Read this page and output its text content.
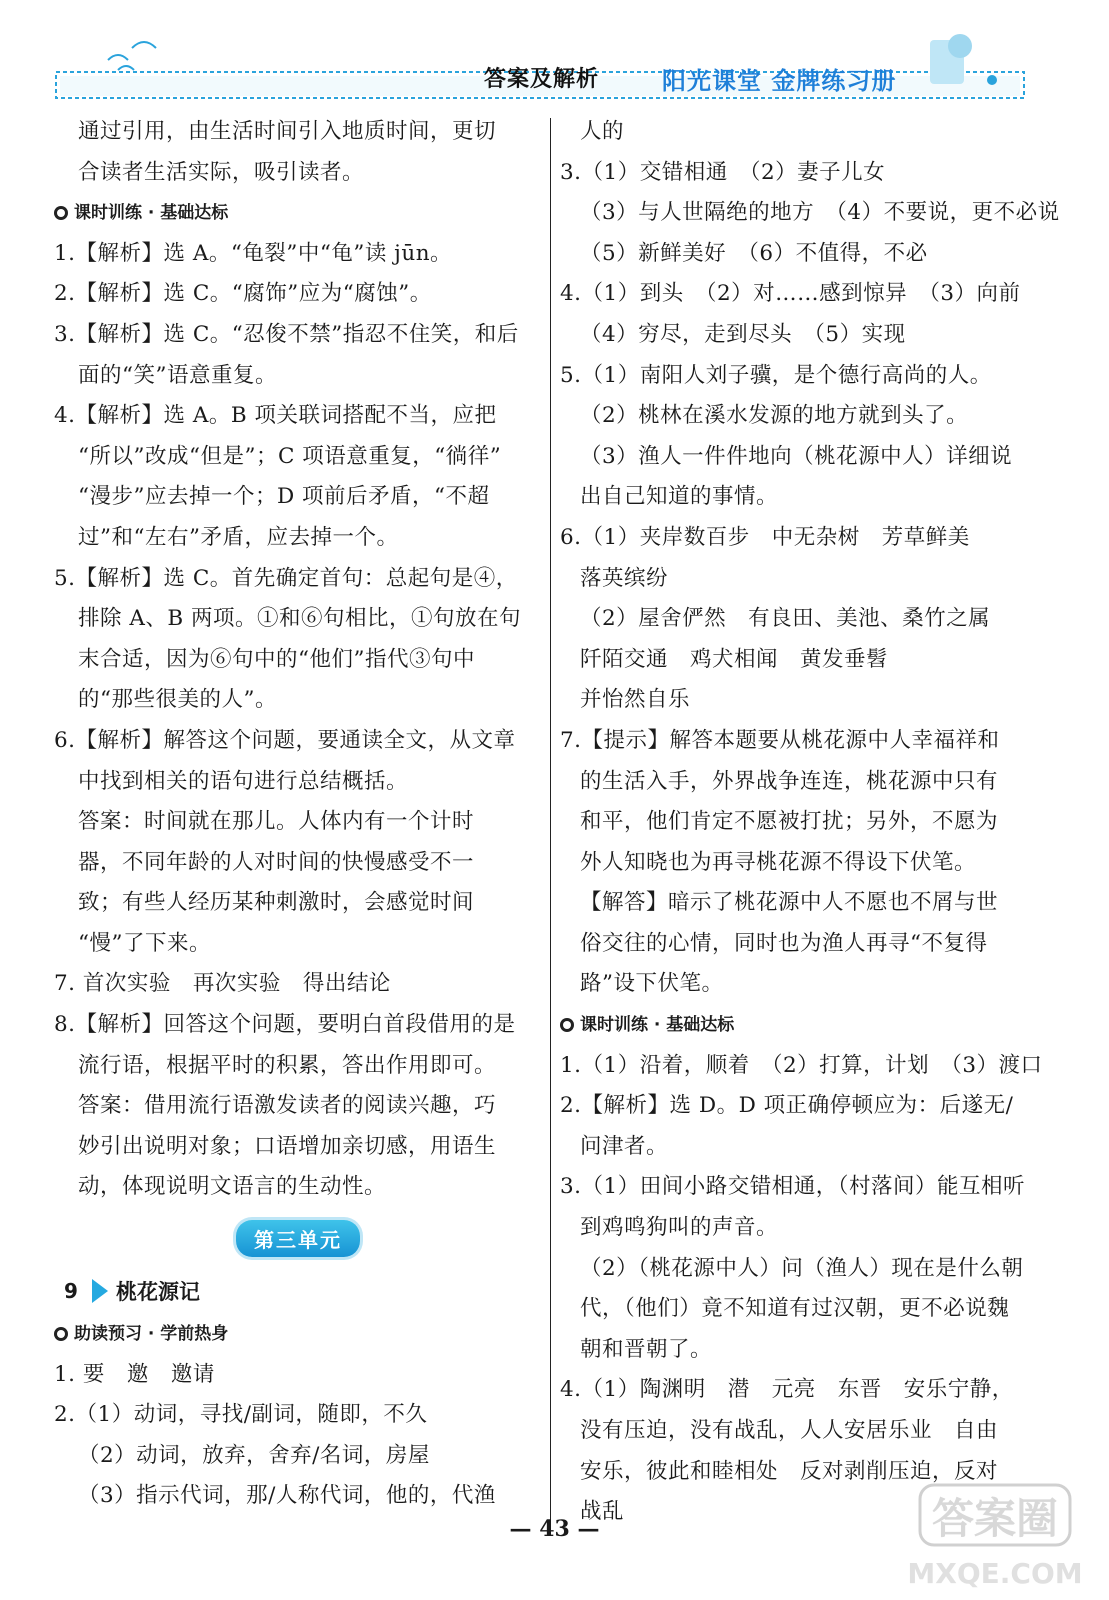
答案及解析	阳光课堂 金牌练习册
通过引用，由生活时间引入地质时间，更切
合读者生活实际，吸引读者。
课时训练 · 基础达标
1.【解析】选 A。“龟裂”中“龟”读 jūn。
2.【解析】选 C。“腐饰”应为“腐蚀”。
3.【解析】选 C。“忍俊不禁”指忍不住笑，和后
面的“笑”语意重复。
4.【解析】选 A。B 项关联词搭配不当，应把
“所以”改成“但是”；C 项语意重复，“徜徉”
“漫步”应去掉一个；D 项前后矛盾，“不超
过”和“左右”矛盾，应去掉一个。
5.【解析】选 C。首先确定首句：总起句是④，
排除 A、B 两项。①和⑥句相比，①句放在句
末合适，因为⑥句中的“他们”指代③句中
的“那些很美的人”。
6.【解析】解答这个问题，要通读全文，从文章
中找到相关的语句进行总结概括。
答案：时间就在那儿。人体内有一个计时
器，不同年龄的人对时间的快慢感受不一
致；有些人经历某种刺激时，会感觉时间
“慢”了下来。
7. 首次实验　再次实验　得出结论
8.【解析】回答这个问题，要明白首段借用的是
流行语，根据平时的积累，答出作用即可。
答案：借用流行语激发读者的阅读兴趣，巧
妙引出说明对象；口语增加亲切感，用语生
动，体现说明文语言的生动性。
第三单元
9 桃花源记
助读预习 · 学前热身
1. 要　邀　邀请
2.（1）动词，寻找/副词，随即，不久
（2）动词，放弃，舍弃/名词，房屋
（3）指示代词，那/人称代词，他的，代渔
人的
3.（1）交错相通　（2）妻子儿女
（3）与人世隔绝的地方　（4）不要说，更不必说
（5）新鲜美好　（6）不值得，不必
4.（1）到头　（2）对……感到惊异　（3）向前
（4）穷尽，走到尽头　（5）实现
5.（1）南阳人刘子骥，是个德行高尚的人。
（2）桃林在溪水发源的地方就到头了。
（3）渔人一件件地向（桃花源中人）详细说
出自己知道的事情。
6.（1）夹岸数百步　中无杂树　芳草鲜美
落英缤纷
（2）屋舍俨然　有良田、美池、桑竹之属
阡陌交通　鸡犬相闻　黄发垂髫
并怡然自乐
7.【提示】解答本题要从桃花源中人幸福祥和
的生活入手，外界战争连连，桃花源中只有
和平，他们肯定不愿被打扰；另外，不愿为
外人知晓也为再寻桃花源不得设下伏笔。
【解答】暗示了桃花源中人不愿也不屑与世
俗交往的心情，同时也为渔人再寻“不复得
路”设下伏笔。
课时训练 · 基础达标
1.（1）沿着，顺着　（2）打算，计划　（3）渡口
2.【解析】选 D。D 项正确停顿应为：后遂无/
问津者。
3.（1）田间小路交错相通，（村落间）能互相听
到鸡鸣狗叫的声音。
（2）（桃花源中人）问（渔人）现在是什么朝
代，（他们）竟不知道有过汉朝，更不必说魏
朝和晋朝了。
4.（1）陶渊明　潜　元亮　东晋　安乐宁静，
没有压迫，没有战乱，人人安居乐业　自由
安乐，彼此和睦相处　反对剥削压迫，反对
战乱
— 43 —	答案圈
MXQE.COM
